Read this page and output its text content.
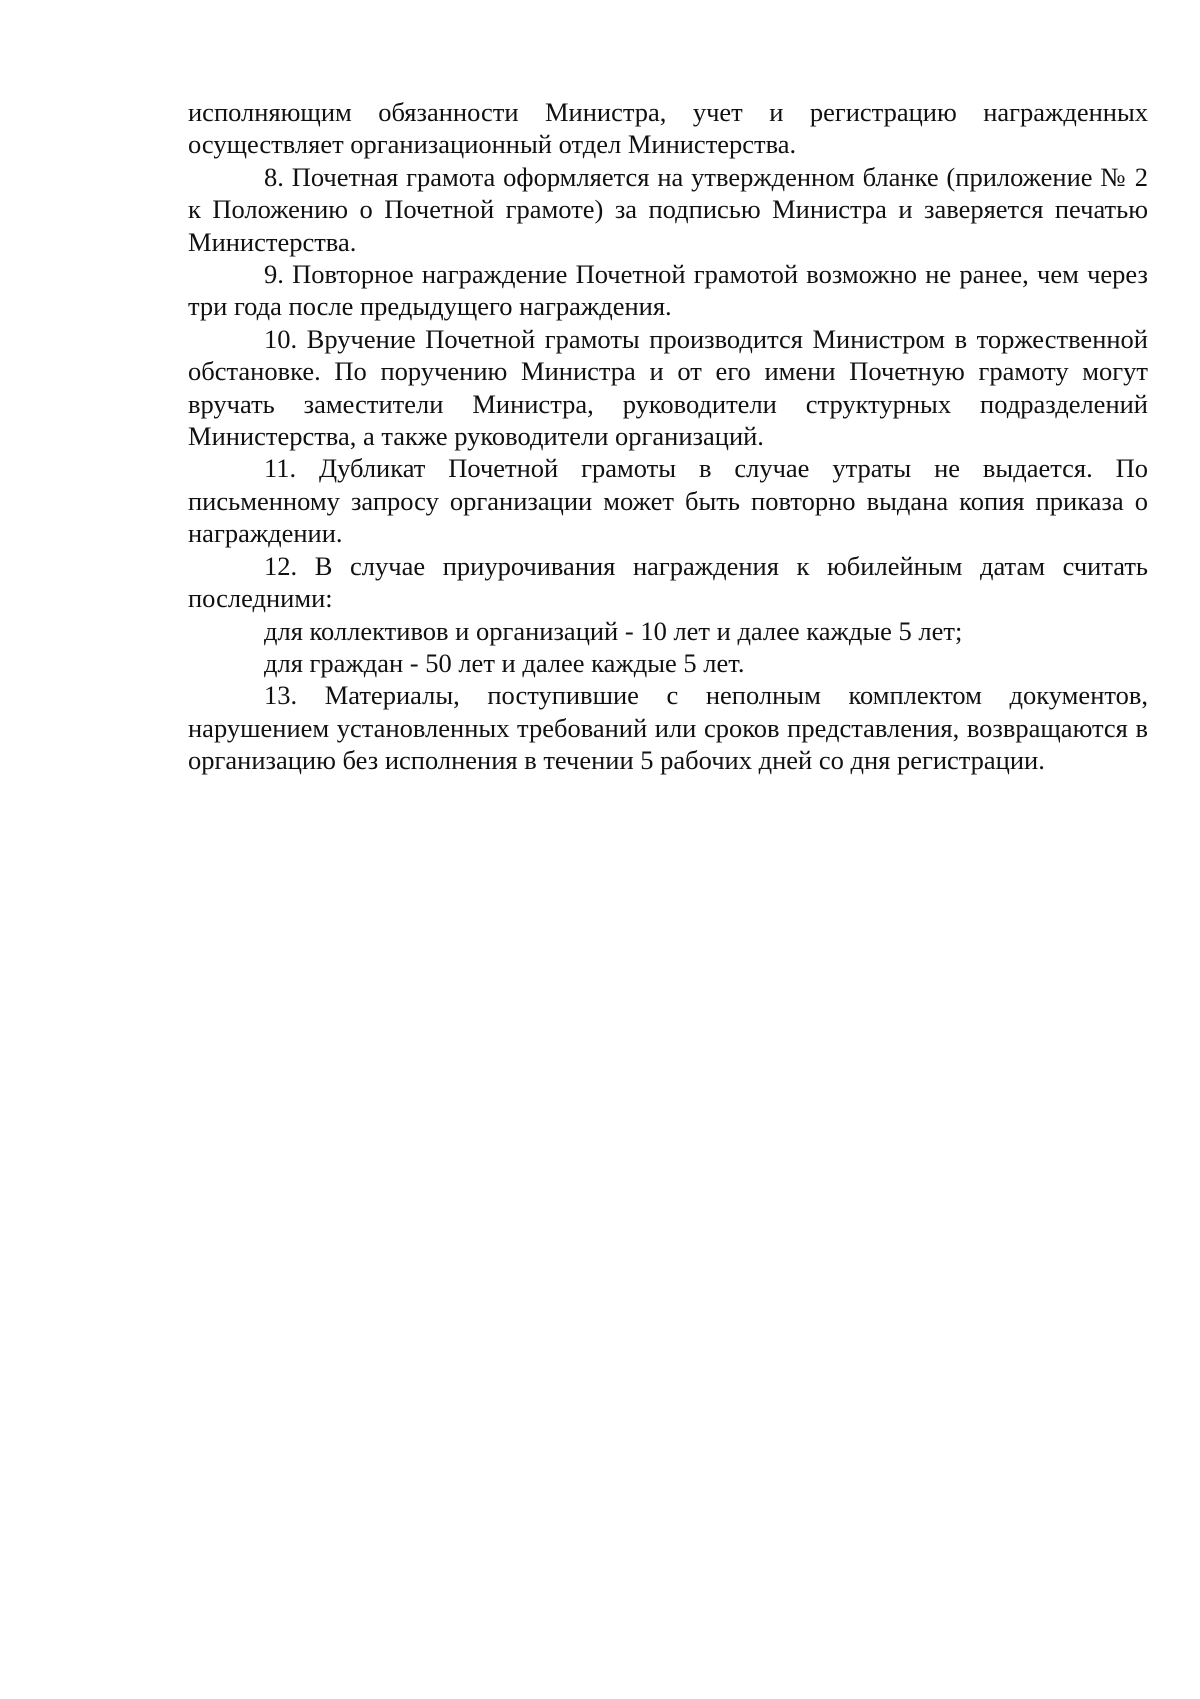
исполняющим обязанности Министра, учет и регистрацию награжденных осуществляет организационный отдел Министерства.

8. Почетная грамота оформляется на утвержденном бланке (приложение № 2 к Положению о Почетной грамоте) за подписью Министра и заверяется печатью Министерства.

9. Повторное награждение Почетной грамотой возможно не ранее, чем через три года после предыдущего награждения.

10. Вручение Почетной грамоты производится Министром в торжественной обстановке. По поручению Министра и от его имени Почетную грамоту могут вручать заместители Министра, руководители структурных подразделений Министерства, а также руководители организаций.

11. Дубликат Почетной грамоты в случае утраты не выдается. По письменному запросу организации может быть повторно выдана копия приказа о награждении.

12. В случае приурочивания награждения к юбилейным датам считать последними:

для коллективов и организаций - 10 лет и далее каждые 5 лет;

для граждан - 50 лет и далее каждые 5 лет.

13. Материалы, поступившие с неполным комплектом документов, нарушением установленных требований или сроков представления, возвращаются в организацию без исполнения в течении 5 рабочих дней со дня регистрации.
